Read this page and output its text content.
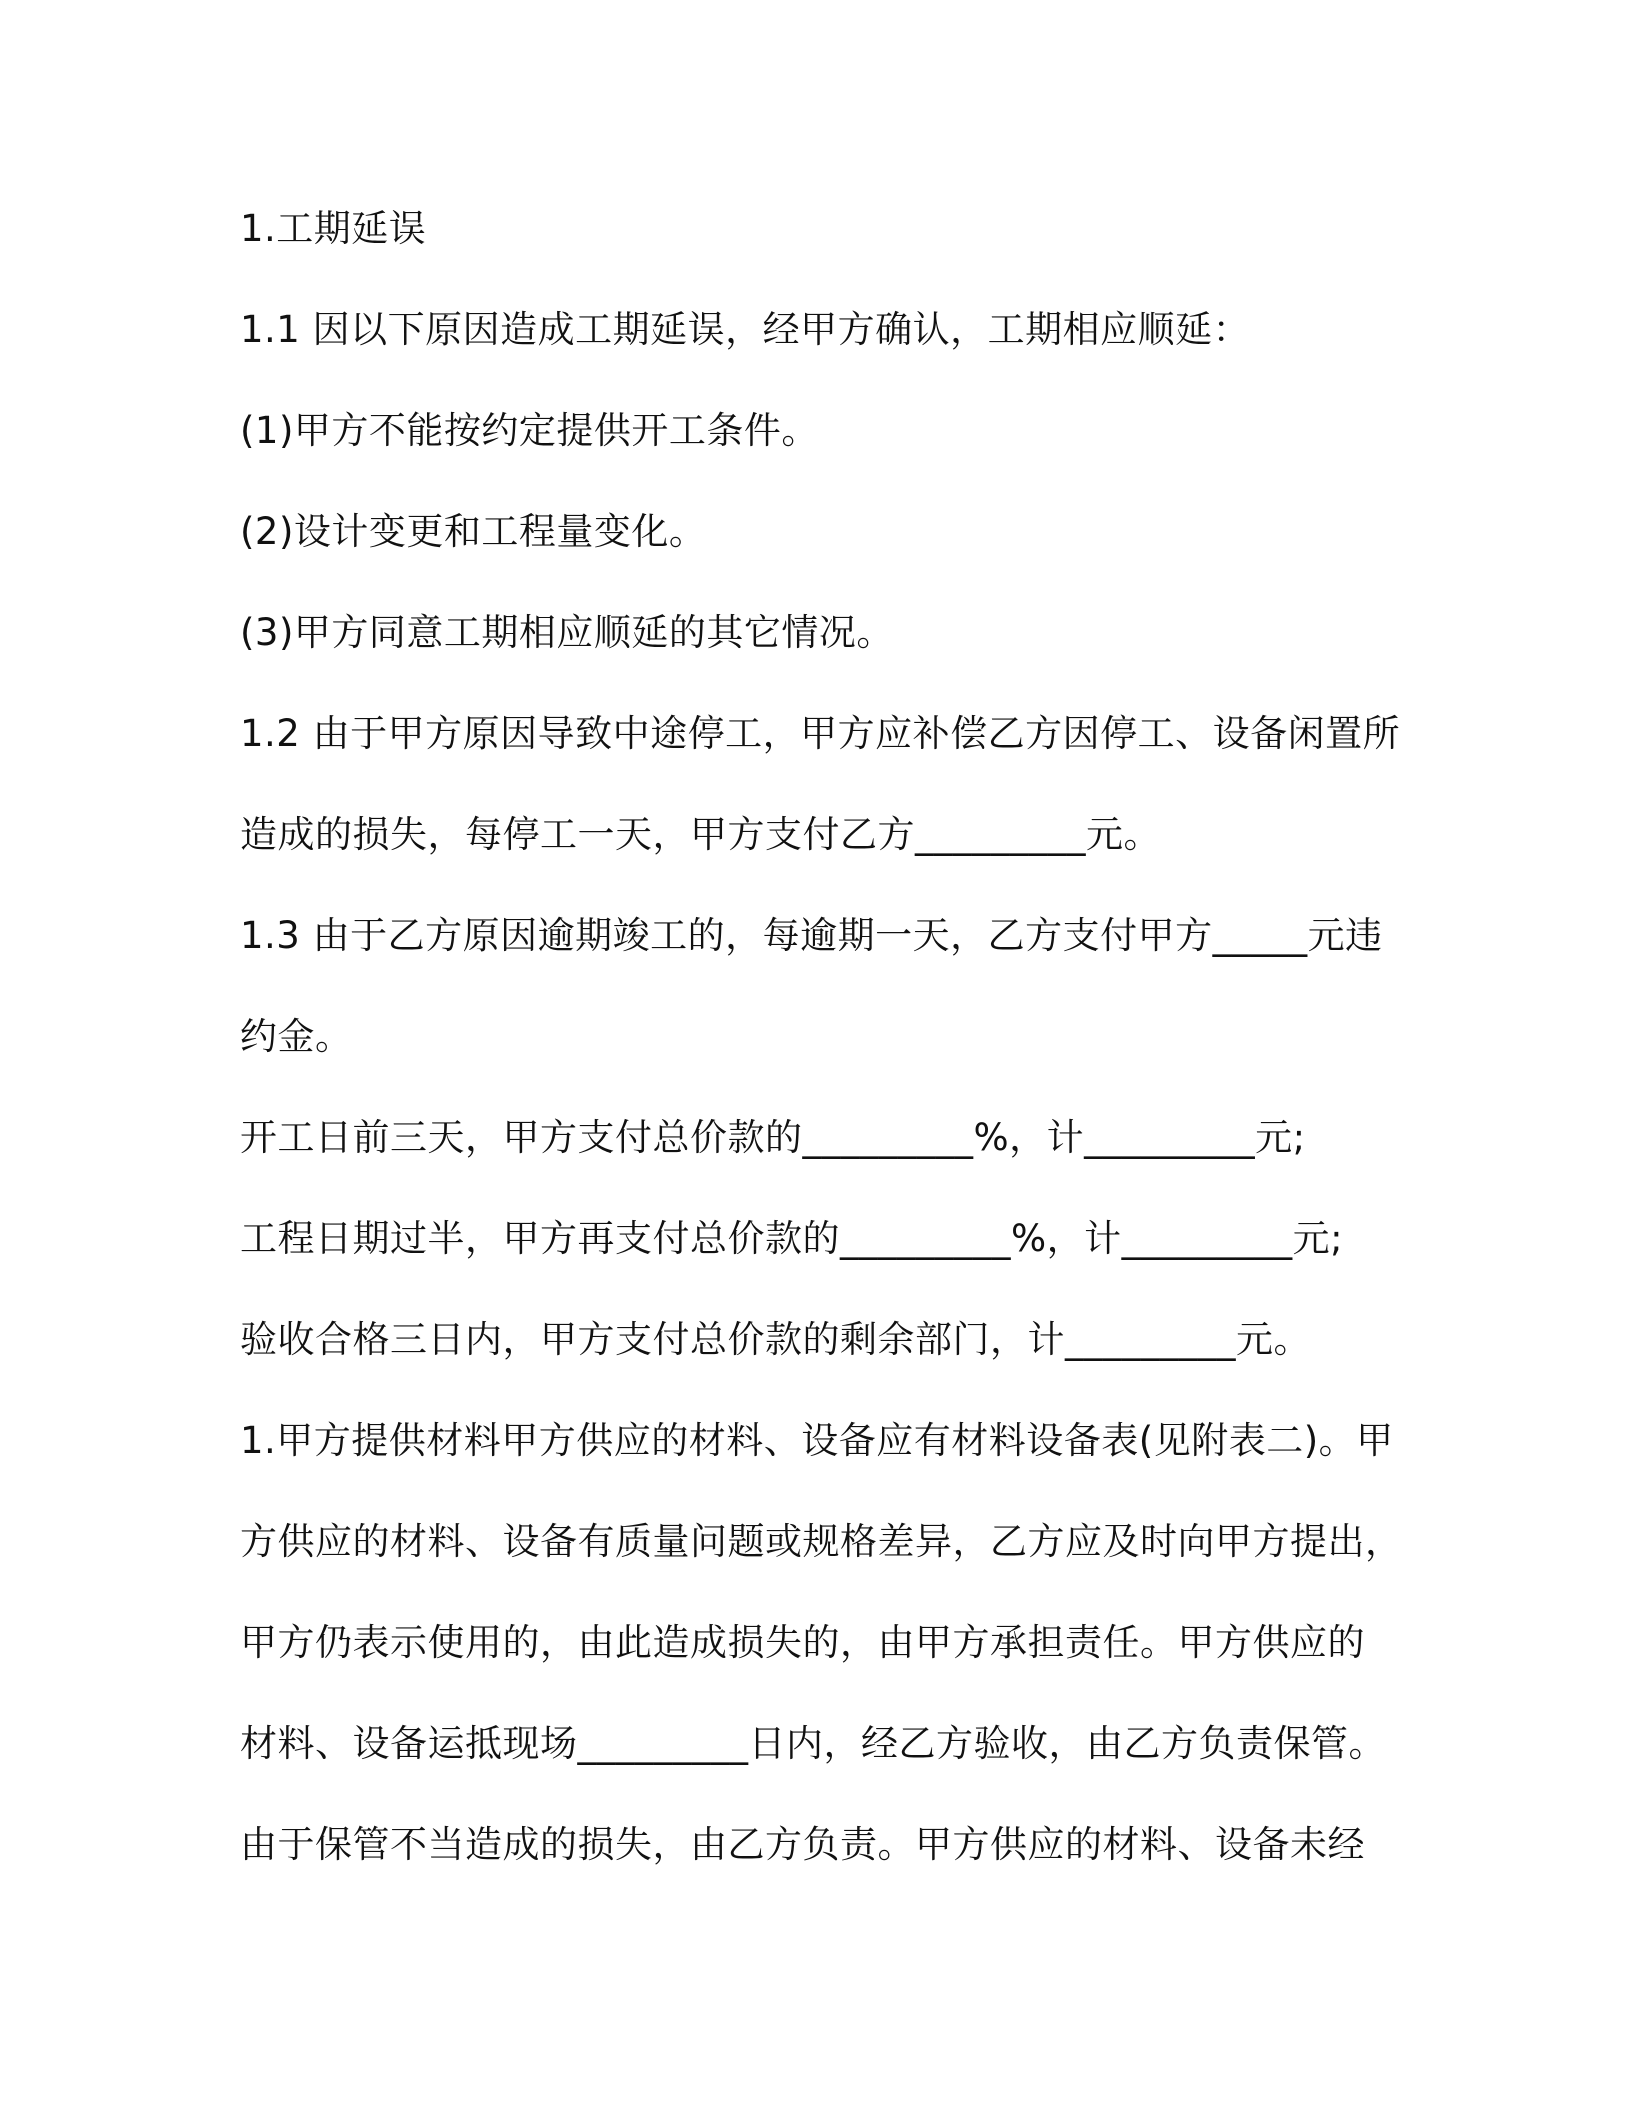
1.工期延误

1.1 因以下原因造成工期延误，经甲方确认，工期相应顺延：

(1)甲方不能按约定提供开工条件。

(2)设计变更和工程量变化。

(3)甲方同意工期相应顺延的其它情况。

1.2 由于甲方原因导致中途停工，甲方应补偿乙方因停工、设备闲置所

造成的损失，每停工一天，甲方支付乙方_________元。

1.3 由于乙方原因逾期竣工的，每逾期一天，乙方支付甲方_____元违

约金。

开工日前三天，甲方支付总价款的_________%，计_________元;

工程日期过半，甲方再支付总价款的_________%，计_________元;

验收合格三日内，甲方支付总价款的剩余部门，计_________元。

1.甲方提供材料甲方供应的材料、设备应有材料设备表(见附表二)。甲

方供应的材料、设备有质量问题或规格差异，乙方应及时向甲方提出，

甲方仍表示使用的，由此造成损失的，由甲方承担责任。甲方供应的

材料、设备运抵现场_________日内，经乙方验收，由乙方负责保管。

由于保管不当造成的损失，由乙方负责。甲方供应的材料、设备未经
